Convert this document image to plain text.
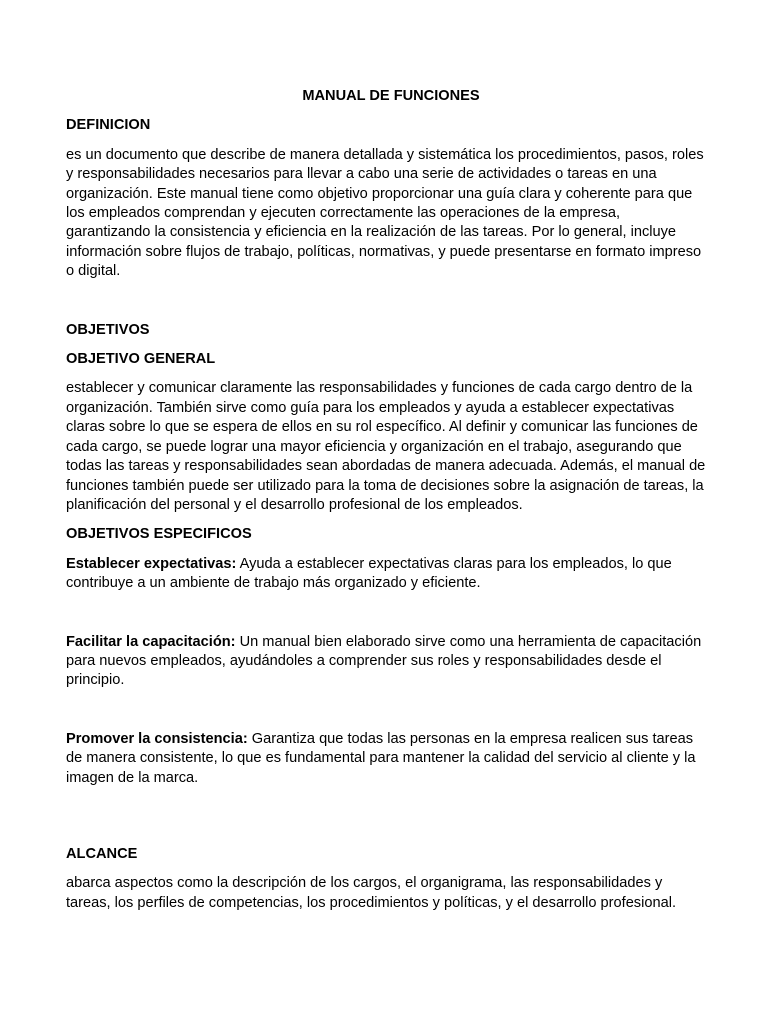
MANUAL DE FUNCIONES
DEFINICION
es un documento que describe de manera detallada y sistemática los procedimientos, pasos, roles y responsabilidades necesarios para llevar a cabo una serie de actividades o tareas en una organización. Este manual tiene como objetivo proporcionar una guía clara y coherente para que los empleados comprendan y ejecuten correctamente las operaciones de la empresa, garantizando la consistencia y eficiencia en la realización de las tareas. Por lo general, incluye información sobre flujos de trabajo, políticas, normativas, y puede presentarse en formato impreso o digital.
OBJETIVOS
OBJETIVO GENERAL
establecer y comunicar claramente las responsabilidades y funciones de cada cargo dentro de la organización. También sirve como guía para los empleados y ayuda a establecer expectativas claras sobre lo que se espera de ellos en su rol específico. Al definir y comunicar las funciones de cada cargo, se puede lograr una mayor eficiencia y organización en el trabajo, asegurando que todas las tareas y responsabilidades sean abordadas de manera adecuada. Además, el manual de funciones también puede ser utilizado para la toma de decisiones sobre la asignación de tareas, la planificación del personal y el desarrollo profesional de los empleados.
OBJETIVOS ESPECIFICOS
Establecer expectativas: Ayuda a establecer expectativas claras para los empleados, lo que contribuye a un ambiente de trabajo más organizado y eficiente.
Facilitar la capacitación: Un manual bien elaborado sirve como una herramienta de capacitación para nuevos empleados, ayudándoles a comprender sus roles y responsabilidades desde el principio.
Promover la consistencia: Garantiza que todas las personas en la empresa realicen sus tareas de manera consistente, lo que es fundamental para mantener la calidad del servicio al cliente y la imagen de la marca.
ALCANCE
abarca aspectos como la descripción de los cargos, el organigrama, las responsabilidades y tareas, los perfiles de competencias, los procedimientos y políticas, y el desarrollo profesional.
